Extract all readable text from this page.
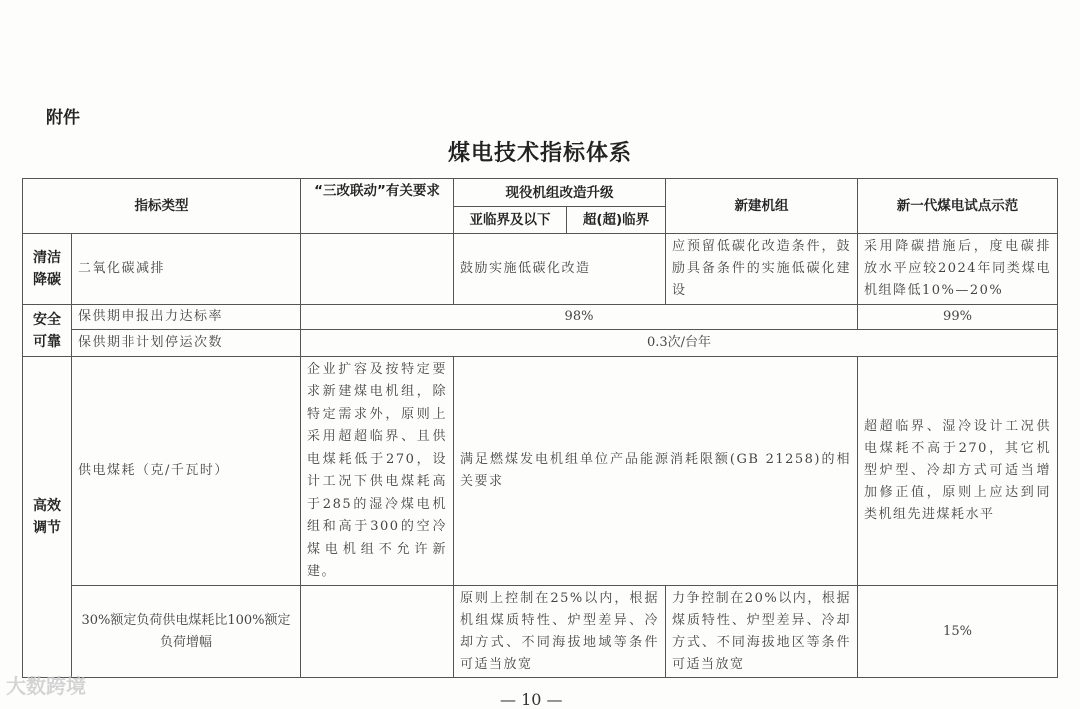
附件
煤电技术指标体系
指标类型		“三改联动”有关要求	现役机组改造升级		新建机组	新一代煤电试点示范
			亚临界及以下	超(超)临界		
清洁降碳	二氧化碳减排		鼓励实施低碳化改造		应预留低碳化改造条件，鼓励具备条件的实施低碳化建设	采用降碳措施后，度电碳排放水平应较2024年同类煤电机组降低10%—20%
安全可靠	保供期申报出力达标率	98%				99%
	保供期非计划停运次数	0.3次/台年				
高效调节	供电煤耗（克/千瓦时）	企业扩容及按特定要求新建煤电机组，除特定需求外，原则上采用超超临界、且供电煤耗低于270，设计工况下供电煤耗高于285的湿冷煤电机组和高于300的空冷煤电机组不允许新建。	满足燃煤发电机组单位产品能源消耗限额(GB 21258)的相关要求			超超临界、湿冷设计工况供电煤耗不高于270，其它机型炉型、冷却方式可适当增加修正值，原则上应达到同类机组先进煤耗水平
	30%额定负荷供电煤耗比100%额定负荷增幅		原则上控制在25%以内，根据机组煤质特性、炉型差异、冷却方式、不同海拔地域等条件可适当放宽		力争控制在20%以内，根据煤质特性、炉型差异、冷却方式、不同海拔地区等条件可适当放宽	15%
大数跨境
— 10 —
